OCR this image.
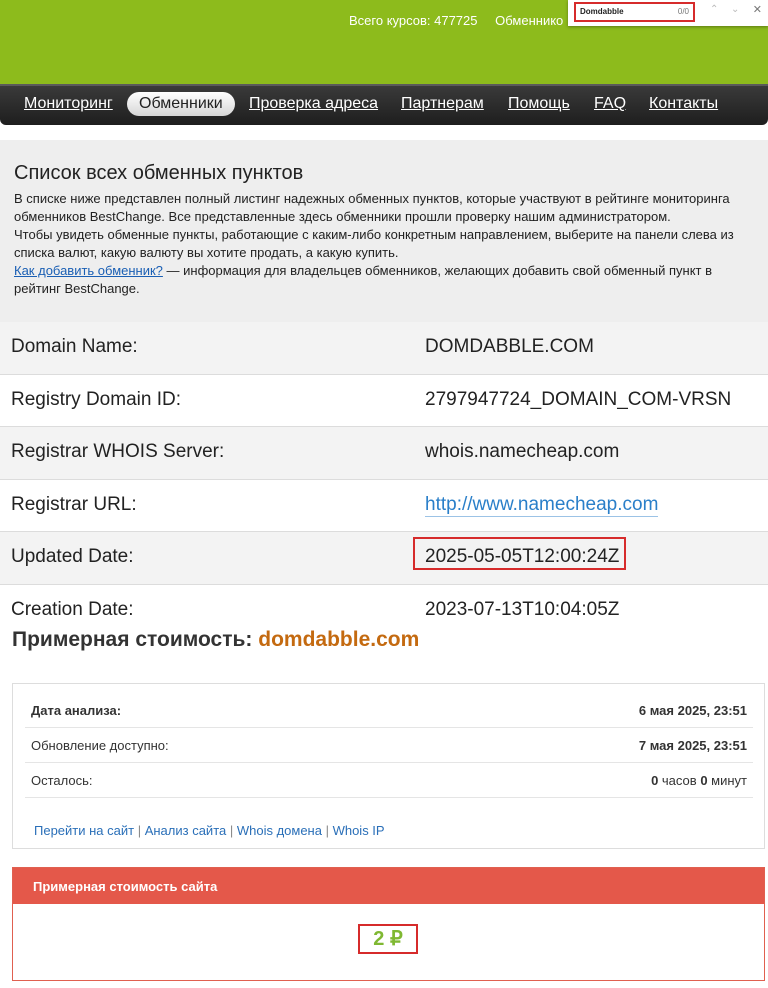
Всего курсов: 477725 Обменнико
Domdabble	0/0 ⌃ ⌄ ✕
Мониторинг	Обменники	Проверка адреса Партнерам Помощь FAQ Контакты
Список всех обменных пунктов
В списке ниже представлен полный листинг надежных обменных пунктов, которые участвуют в рейтинге мониторинга обменников BestChange. Все представленные здесь обменники прошли проверку нашим администратором.
Чтобы увидеть обменные пункты, работающие с каким-либо конкретным направлением, выберите на панели слева из списка валют, какую валюту вы хотите продать, а какую купить.
Как добавить обменник? — информация для владельцев обменников, желающих добавить свой обменный пункт в рейтинг BestChange.
Domain Name:	DOMDABBLE.COM
Registry Domain ID:	2797947724_DOMAIN_COM-VRSN
Registrar WHOIS Server:	whois.namecheap.com
Registrar URL:	http://www.namecheap.com
Updated Date:	2025-05-05T12:00:24Z
Creation Date:	2023-07-13T10:04:05Z
Примерная стоимость: domdabble.com
Дата анализа:	6 мая 2025, 23:51
Обновление доступно:	7 мая 2025, 23:51
Осталось:	0 часов 0 минут
Перейти на сайт | Анализ сайта | Whois домена | Whois IP
Примерная стоимость сайта
2 ₽
